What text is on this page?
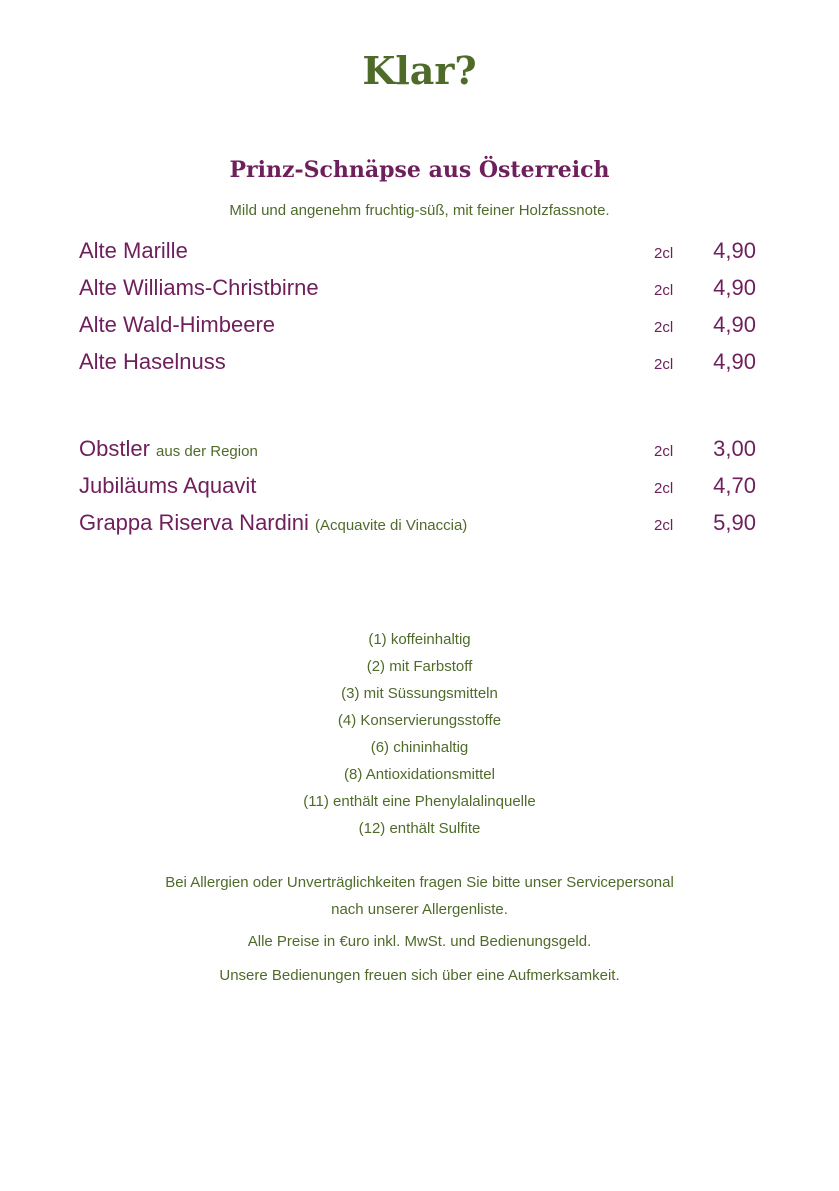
Klar?
Prinz-Schnäpse aus Österreich
Mild und angenehm fruchtig-süß, mit feiner Holzfassnote.
Alte Marille	2cl 4,90
Alte Williams-Christbirne	2cl 4,90
Alte Wald-Himbeere	2cl 4,90
Alte Haselnuss	2cl 4,90
Obstler aus der Region	2cl 3,00
Jubiläums Aquavit	2cl 4,70
Grappa Riserva Nardini (Acquavite di Vinaccia)	2cl 5,90
(1) koffeinhaltig
(2) mit Farbstoff
(3) mit Süssungsmitteln
(4) Konservierungsstoffe
(6) chininhaltig
(8) Antioxidationsmittel
(11) enthält eine Phenylalalinquelle
(12) enthält Sulfite
Bei Allergien oder Unverträglichkeiten fragen Sie bitte unser Servicepersonal
nach unserer Allergenliste.
Alle Preise in €uro inkl. MwSt. und Bedienungsgeld.
Unsere Bedienungen freuen sich über eine Aufmerksamkeit.
